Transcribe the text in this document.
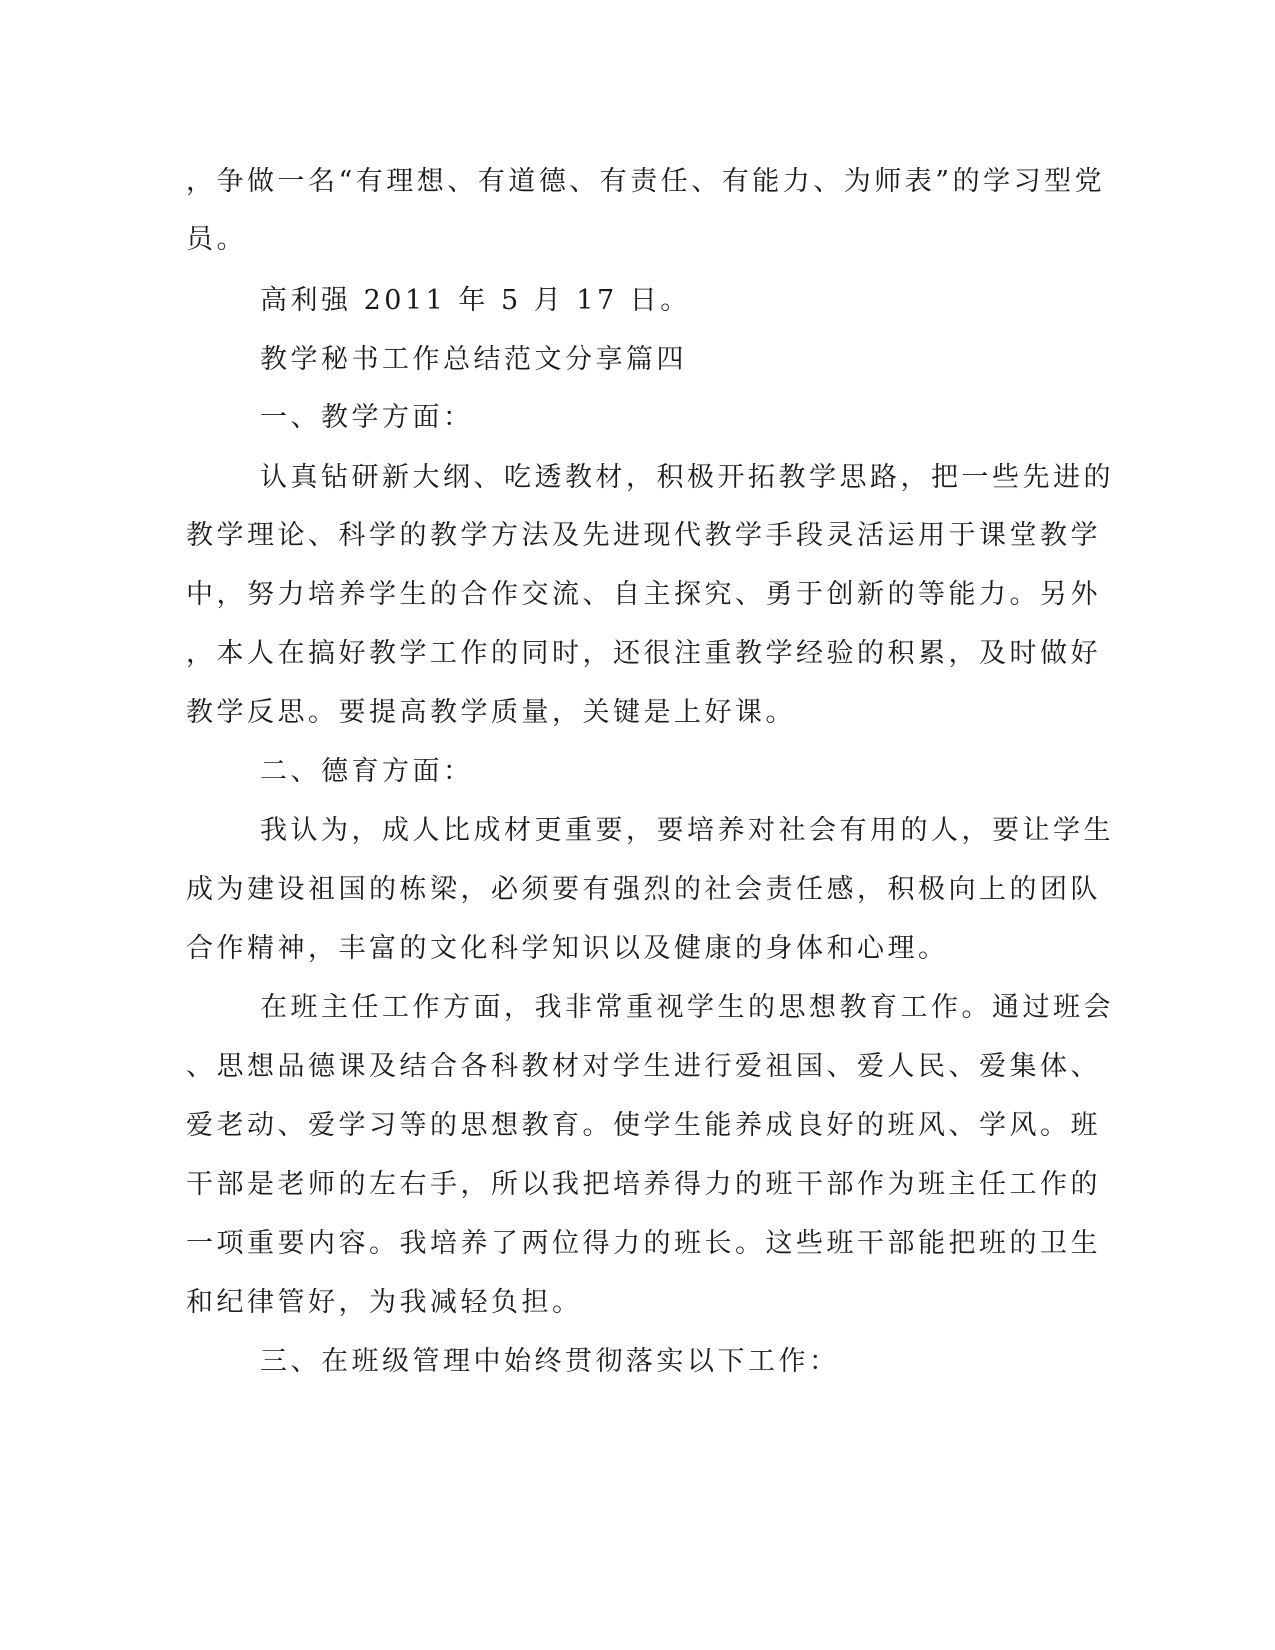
，争做一名“有理想、有道德、有责任、有能力、为师表”的学习型党
员。
高利强 2011 年 5 月 17 日。
教学秘书工作总结范文分享篇四
一、教学方面：
认真钻研新大纲、吃透教材，积极开拓教学思路，把一些先进的
教学理论、科学的教学方法及先进现代教学手段灵活运用于课堂教学
中，努力培养学生的合作交流、自主探究、勇于创新的等能力。另外
，本人在搞好教学工作的同时，还很注重教学经验的积累，及时做好
教学反思。要提高教学质量，关键是上好课。
二、德育方面：
我认为，成人比成材更重要，要培养对社会有用的人，要让学生
成为建设祖国的栋梁，必须要有强烈的社会责任感，积极向上的团队
合作精神，丰富的文化科学知识以及健康的身体和心理。
在班主任工作方面，我非常重视学生的思想教育工作。通过班会
、思想品德课及结合各科教材对学生进行爱祖国、爱人民、爱集体、
爱老动、爱学习等的思想教育。使学生能养成良好的班风、学风。班
干部是老师的左右手，所以我把培养得力的班干部作为班主任工作的
一项重要内容。我培养了两位得力的班长。这些班干部能把班的卫生
和纪律管好，为我减轻负担。
三、在班级管理中始终贯彻落实以下工作：
